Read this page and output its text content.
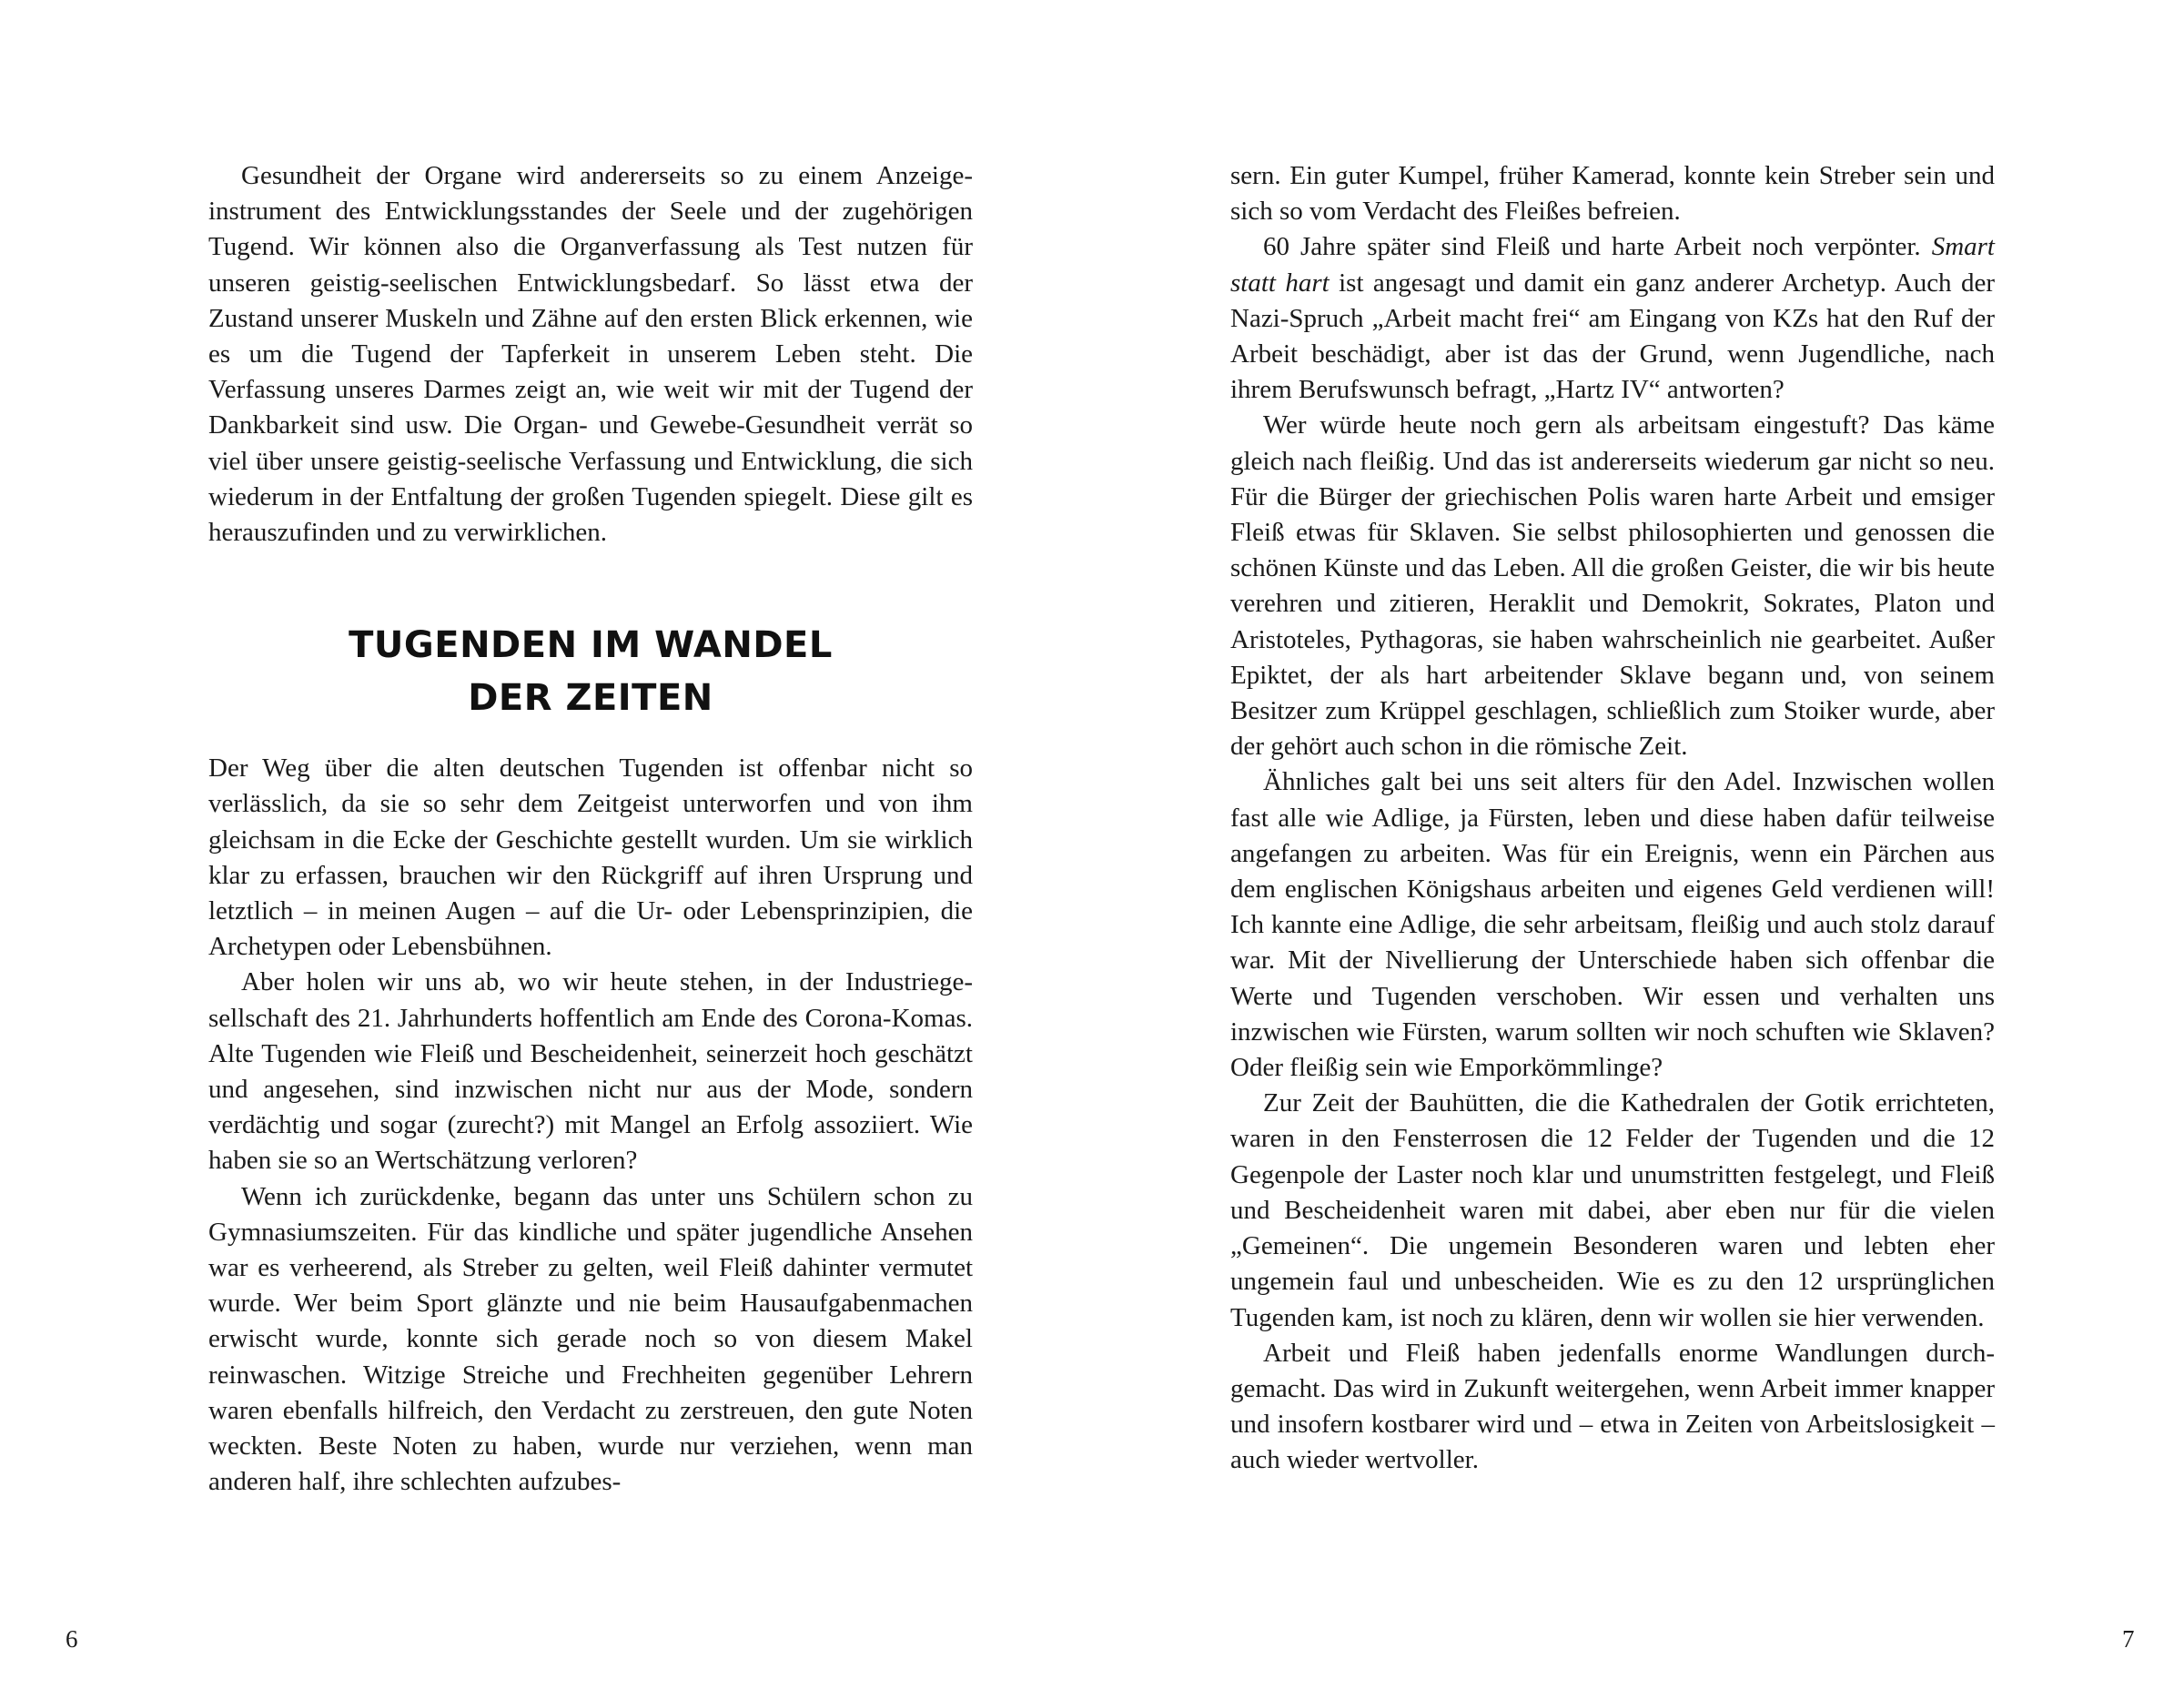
Gesundheit der Organe wird andererseits so zu einem Anzeigeinstrument des Entwicklungsstandes der Seele und der zugehörigen Tugend. Wir können also die Organverfassung als Test nutzen für unseren geistig-seelischen Entwicklungsbedarf. So lässt etwa der Zustand unserer Muskeln und Zähne auf den ersten Blick erkennen, wie es um die Tugend der Tapferkeit in unserem Leben steht. Die Verfassung unseres Darmes zeigt an, wie weit wir mit der Tugend der Dankbarkeit sind usw. Die Organ- und Gewebe-Gesundheit verrät so viel über unsere geistig-seelische Verfassung und Entwicklung, die sich wiederum in der Entfaltung der großen Tugenden spiegelt. Diese gilt es herauszufinden und zu verwirklichen.

TUGENDEN IM WANDEL
DER ZEITEN

Der Weg über die alten deutschen Tugenden ist offenbar nicht so verlässlich, da sie so sehr dem Zeitgeist unterworfen und von ihm gleichsam in die Ecke der Geschichte gestellt wurden. Um sie wirklich klar zu erfassen, brauchen wir den Rückgriff auf ihren Ursprung und letztlich – in meinen Augen – auf die Ur- oder Lebensprinzipien, die Archetypen oder Lebensbühnen.

Aber holen wir uns ab, wo wir heute stehen, in der Industriegesellschaft des 21. Jahrhunderts hoffentlich am Ende des Corona-Komas. Alte Tugenden wie Fleiß und Bescheidenheit, seinerzeit hoch geschätzt und angesehen, sind inzwischen nicht nur aus der Mode, sondern verdächtig und sogar (zurecht?) mit Mangel an Erfolg assoziiert. Wie haben sie so an Wertschätzung verloren?

Wenn ich zurückdenke, begann das unter uns Schülern schon zu Gymnasiumszeiten. Für das kindliche und später jugendliche Ansehen war es verheerend, als Streber zu gelten, weil Fleiß dahinter vermutet wurde. Wer beim Sport glänzte und nie beim Hausaufgabenmachen erwischt wurde, konnte sich gerade noch so von diesem Makel reinwaschen. Witzige Streiche und Frechheiten gegenüber Lehrern waren ebenfalls hilfreich, den Verdacht zu zerstreuen, den gute Noten weckten. Beste Noten zu haben, wurde nur verziehen, wenn man anderen half, ihre schlechten aufzubes-

6

sern. Ein guter Kumpel, früher Kamerad, konnte kein Streber sein und sich so vom Verdacht des Fleißes befreien.

60 Jahre später sind Fleiß und harte Arbeit noch verpönter. Smart statt hart ist angesagt und damit ein ganz anderer Archetyp. Auch der Nazi-Spruch „Arbeit macht frei“ am Eingang von KZs hat den Ruf der Arbeit beschädigt, aber ist das der Grund, wenn Jugendliche, nach ihrem Berufswunsch befragt, „Hartz IV“ antworten?

Wer würde heute noch gern als arbeitsam eingestuft? Das käme gleich nach fleißig. Und das ist andererseits wiederum gar nicht so neu. Für die Bürger der griechischen Polis waren harte Arbeit und emsiger Fleiß etwas für Sklaven. Sie selbst philosophierten und genossen die schönen Künste und das Leben. All die großen Geister, die wir bis heute verehren und zitieren, Heraklit und Demokrit, Sokrates, Platon und Aristoteles, Pythagoras, sie haben wahrscheinlich nie gearbeitet. Außer Epiktet, der als hart arbeitender Sklave begann und, von seinem Besitzer zum Krüppel geschlagen, schließlich zum Stoiker wurde, aber der gehört auch schon in die römische Zeit.

Ähnliches galt bei uns seit alters für den Adel. Inzwischen wollen fast alle wie Adlige, ja Fürsten, leben und diese haben dafür teilweise angefangen zu arbeiten. Was für ein Ereignis, wenn ein Pärchen aus dem englischen Königshaus arbeiten und eigenes Geld verdienen will! Ich kannte eine Adlige, die sehr arbeitsam, fleißig und auch stolz darauf war. Mit der Nivellierung der Unterschiede haben sich offenbar die Werte und Tugenden verschoben. Wir essen und verhalten uns inzwischen wie Fürsten, warum sollten wir noch schuften wie Sklaven? Oder fleißig sein wie Emporkömmlinge?

Zur Zeit der Bauhütten, die die Kathedralen der Gotik errichteten, waren in den Fensterrosen die 12 Felder der Tugenden und die 12 Gegenpole der Laster noch klar und unumstritten festgelegt, und Fleiß und Bescheidenheit waren mit dabei, aber eben nur für die vielen „Gemeinen“. Die ungemein Besonderen waren und lebten eher ungemein faul und unbescheiden. Wie es zu den 12 ursprünglichen Tugenden kam, ist noch zu klären, denn wir wollen sie hier verwenden.

Arbeit und Fleiß haben jedenfalls enorme Wandlungen durchgemacht. Das wird in Zukunft weitergehen, wenn Arbeit immer knapper und insofern kostbarer wird und – etwa in Zeiten von Arbeitslosigkeit – auch wieder wertvoller.

7
